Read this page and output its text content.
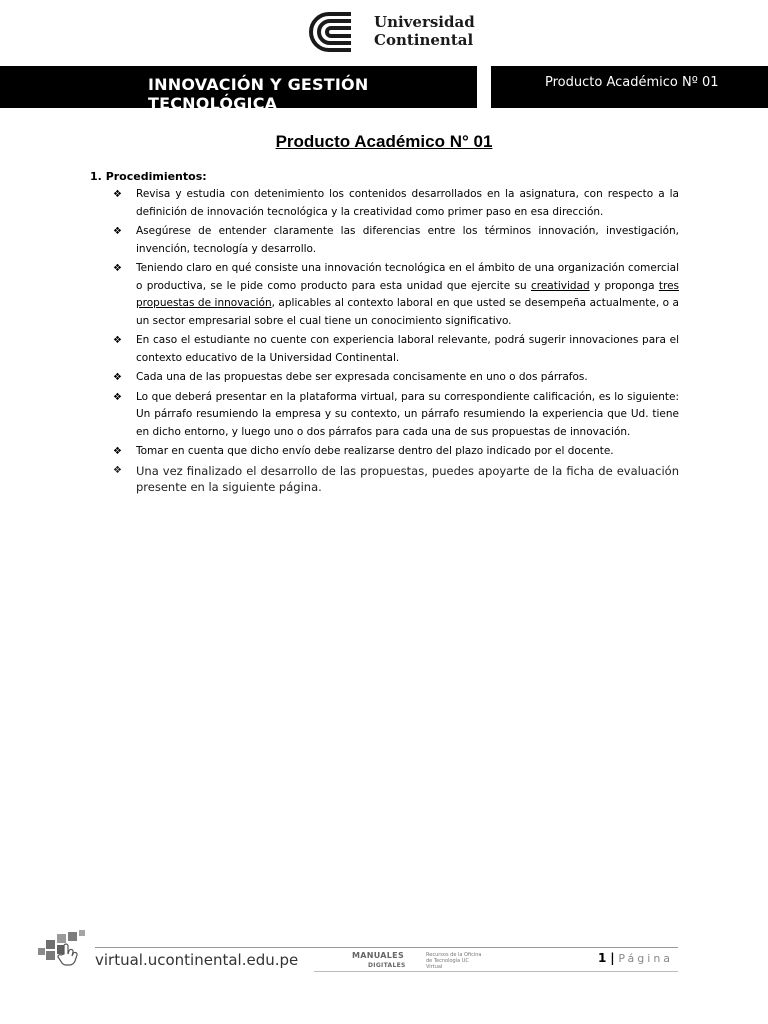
Universidad
Continental
INNOVACIÓN Y GESTIÓN TECNOLÓGICA
Producto Académico Nº 01
Producto Académico N° 01
1. Procedimientos:
❖ Revisa y estudia con detenimiento los contenidos desarrollados en la asignatura, con respecto a la definición de innovación tecnológica y la creatividad como primer paso en esa dirección.
❖ Asegúrese de entender claramente las diferencias entre los términos innovación, investigación, invención, tecnología y desarrollo.
❖ Teniendo claro en qué consiste una innovación tecnológica en el ámbito de una organización comercial o productiva, se le pide como producto para esta unidad que ejercite su creatividad y proponga tres propuestas de innovación, aplicables al contexto laboral en que usted se desempeña actualmente, o a un sector empresarial sobre el cual tiene un conocimiento significativo.
❖ En caso el estudiante no cuente con experiencia laboral relevante, podrá sugerir innovaciones para el contexto educativo de la Universidad Continental.
❖ Cada una de las propuestas debe ser expresada concisamente en uno o dos párrafos.
❖ Lo que deberá presentar en la plataforma virtual, para su correspondiente calificación, es lo siguiente: Un párrafo resumiendo la empresa y su contexto, un párrafo resumiendo la experiencia que Ud. tiene en dicho entorno, y luego uno o dos párrafos para cada una de sus propuestas de innovación.
❖ Tomar en cuenta que dicho envío debe realizarse dentro del plazo indicado por el docente.
❖ Una vez finalizado el desarrollo de las propuestas, puedes apoyarte de la ficha de evaluación presente en la siguiente página.
virtual.ucontinental.edu.pe	MANUALES
DIGITALES
Recursos de la Oficina de Tecnología UC Virtual
1 | Página
